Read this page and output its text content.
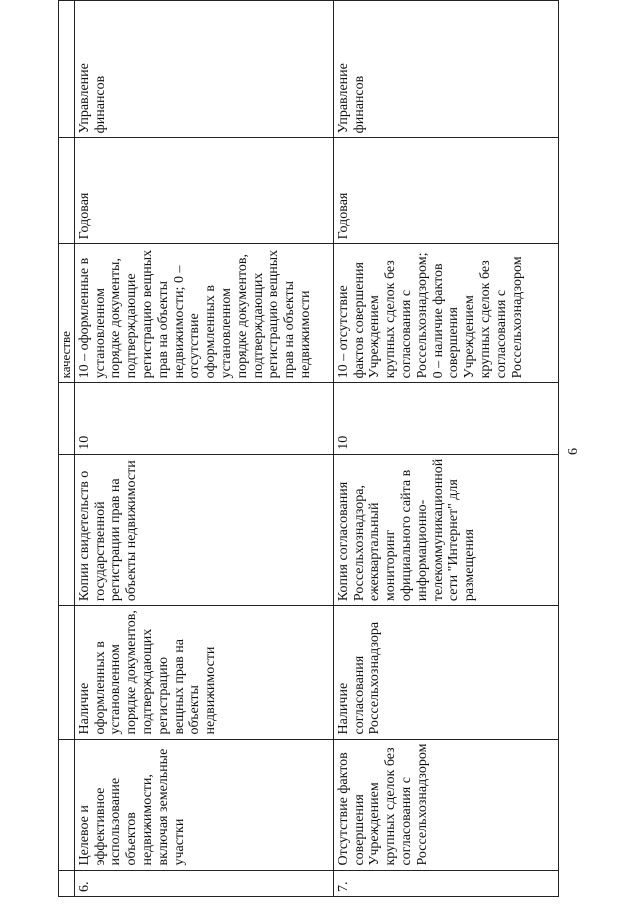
					качестве		
6.	Целевое и эффективное использование объектов недвижимости, включая земельные участки	Наличие оформленных в установленном порядке документов, подтверждающих регистрацию вещных прав на объекты недвижимости	Копии свидетельств о государственной регистрации прав на объекты недвижимости	10	10 – оформленные в установленном порядке документы, подтверждающие регистрацию вещных прав на объекты недвижимости; 0 – отсутствие оформленных в установленном порядке документов, подтверждающих регистрацию вещных прав на объекты недвижимости	Годовая	Управление финансов
7.	Отсутствие фактов совершения Учреждением крупных сделок без согласования с Россельхознадзором	Наличие согласования Россельхознадзора	Копия согласования Россельхознадзора, ежеквартальный мониторинг официального сайта в информационно-телекоммуникационной сети "Интернет" для размещения	10	10 – отсутствие фактов совершения Учреждением крупных сделок без согласования с Россельхознадзором; 0 – наличие фактов совершения Учреждением крупных сделок без согласования с Россельхознадзором	Годовая	Управление финансов
6
